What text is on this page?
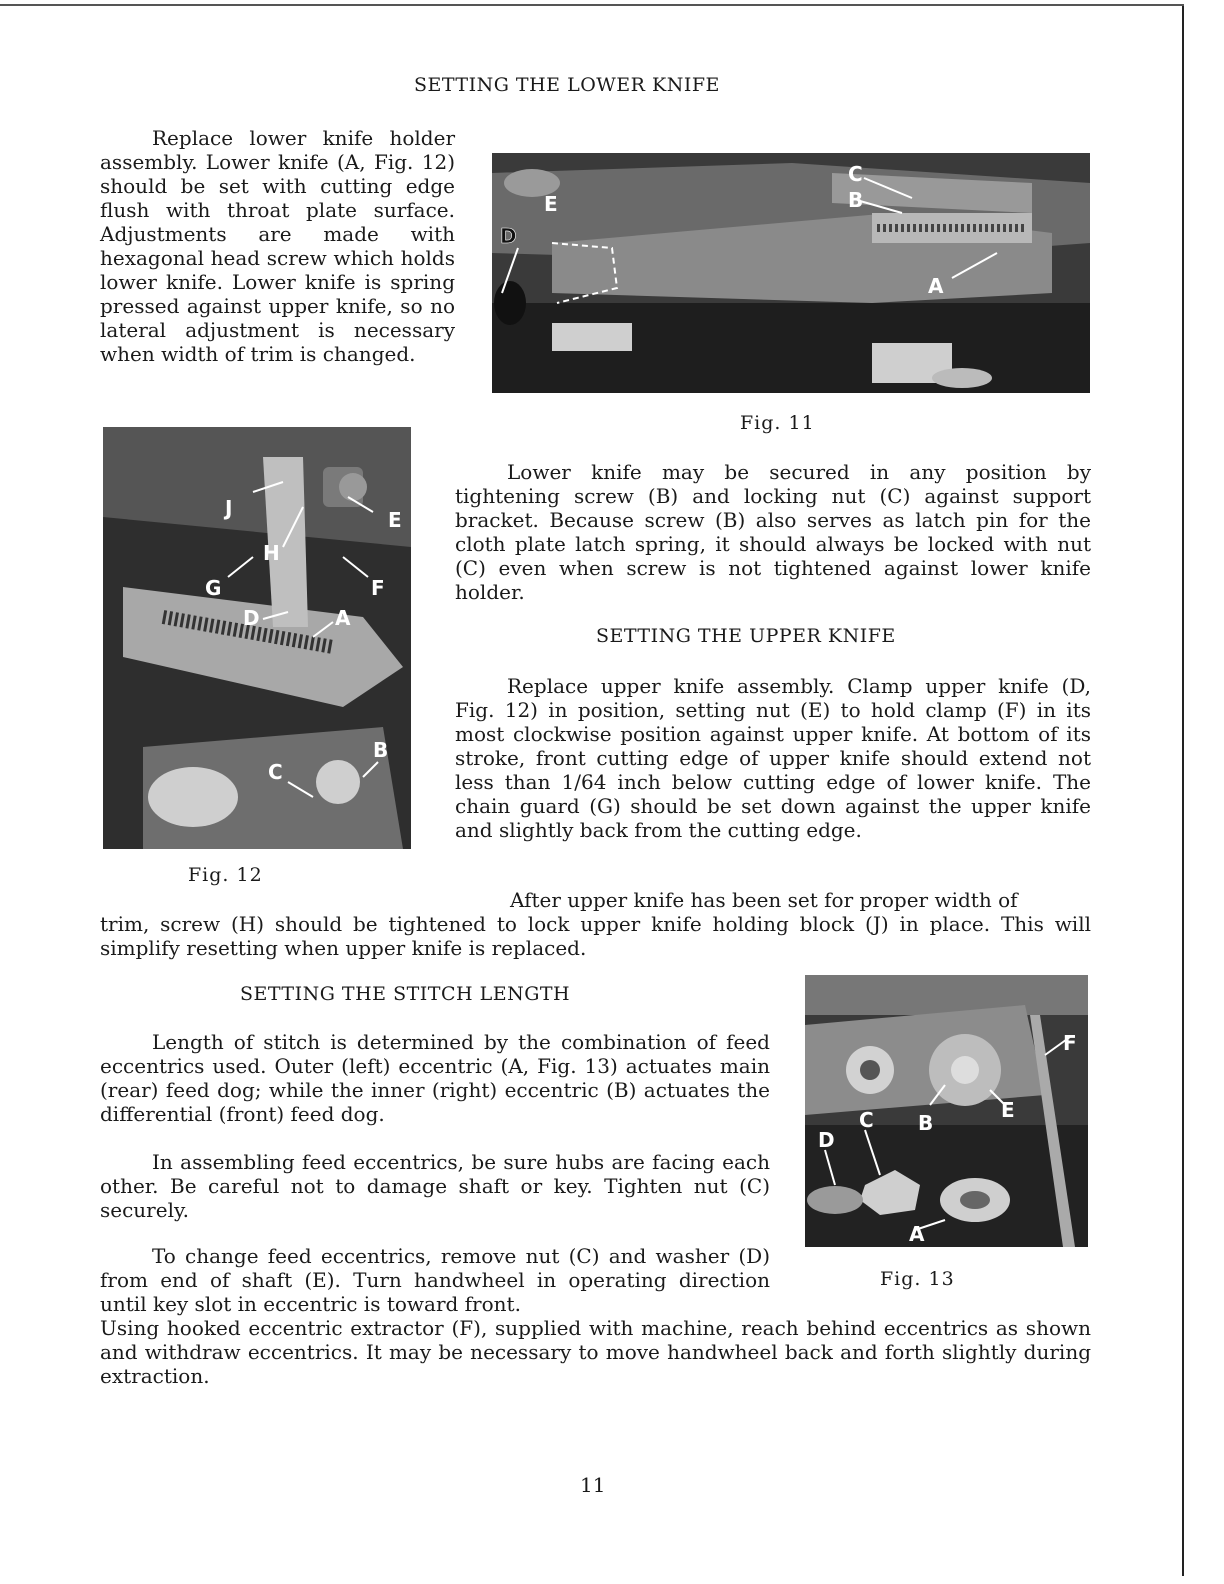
SETTING THE LOWER KNIFE

Replace lower knife holder assembly. Lower knife (A, Fig. 12) should be set with cutting edge flush with throat plate surface. Adjustments are made with hexagonal head screw which holds lower knife. Lower knife is spring pressed against upper knife, so no lateral adjustment is necessary when width of trim is changed.

C
B
E
D
A
Fig. 11
J	E
H
G	F
D	A
C
B
Fig. 12

Lower knife may be secured in any position by tightening screw (B) and locking nut (C) against support bracket. Because screw (B) also serves as latch pin for the cloth plate latch spring, it should always be locked with nut (C) even when screw is not tightened against lower knife holder.

SETTING THE UPPER KNIFE

Replace upper knife assembly. Clamp upper knife (D, Fig. 12) in position, setting nut (E) to hold clamp (F) in its most clockwise position against upper knife. At bottom of its stroke, front cutting edge of upper knife should extend not less than 1/64 inch below cutting edge of lower knife. The chain guard (G) should be set down against the upper knife and slightly back from the cutting edge.

After upper knife has been set for proper width of

trim, screw (H) should be tightened to lock upper knife holding block (J) in place. This will simplify resetting when upper knife is replaced.

SETTING THE STITCH LENGTH

Length of stitch is determined by the combination of feed eccentrics used. Outer (left) eccentric (A, Fig. 13) actuates main (rear) feed dog; while the inner (right) eccentric (B) actuates the differential (front) feed dog.

In assembling feed eccentrics, be sure hubs are facing each other. Be careful not to damage shaft or key. Tighten nut (C) securely.

To change feed eccentrics, remove nut (C) and washer (D) from end of shaft (E). Turn handwheel in operating direction until key slot in eccentric is toward front.

Using hooked eccentric extractor (F), supplied with machine, reach behind eccentrics as shown and withdraw eccentrics. It may be necessary to move handwheel back and forth slightly during extraction.

F
C B
E
D
A
Fig. 13
11
